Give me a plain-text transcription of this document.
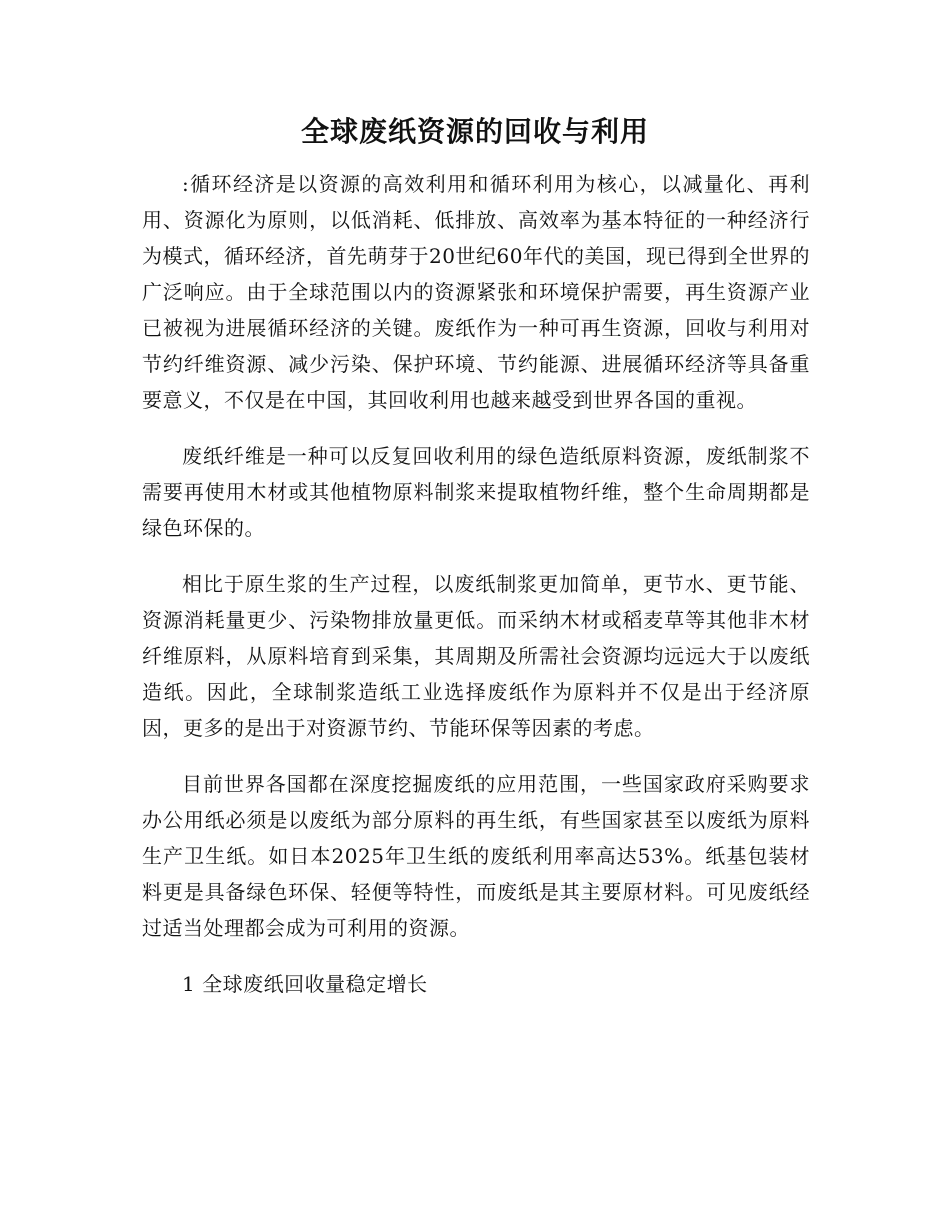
全球废纸资源的回收与利用

:循环经济是以资源的高效利用和循环利用为核心，以减量化、再利用、资源化为原则，以低消耗、低排放、高效率为基本特征的一种经济行为模式，循环经济，首先萌芽于20世纪60年代的美国，现已得到全世界的广泛响应。由于全球范围以内的资源紧张和环境保护需要，再生资源产业已被视为进展循环经济的关键。废纸作为一种可再生资源，回收与利用对节约纤维资源、减少污染、保护环境、节约能源、进展循环经济等具备重要意义，不仅是在中国，其回收利用也越来越受到世界各国的重视。

废纸纤维是一种可以反复回收利用的绿色造纸原料资源，废纸制浆不需要再使用木材或其他植物原料制浆来提取植物纤维，整个生命周期都是绿色环保的。

相比于原生浆的生产过程，以废纸制浆更加简单，更节水、更节能、资源消耗量更少、污染物排放量更低。而采纳木材或稻麦草等其他非木材纤维原料，从原料培育到采集，其周期及所需社会资源均远远大于以废纸造纸。因此，全球制浆造纸工业选择废纸作为原料并不仅是出于经济原因，更多的是出于对资源节约、节能环保等因素的考虑。

目前世界各国都在深度挖掘废纸的应用范围，一些国家政府采购要求办公用纸必须是以废纸为部分原料的再生纸，有些国家甚至以废纸为原料生产卫生纸。如日本2025年卫生纸的废纸利用率高达53%。纸基包装材料更是具备绿色环保、轻便等特性，而废纸是其主要原材料。可见废纸经过适当处理都会成为可利用的资源。

1 全球废纸回收量稳定增长
